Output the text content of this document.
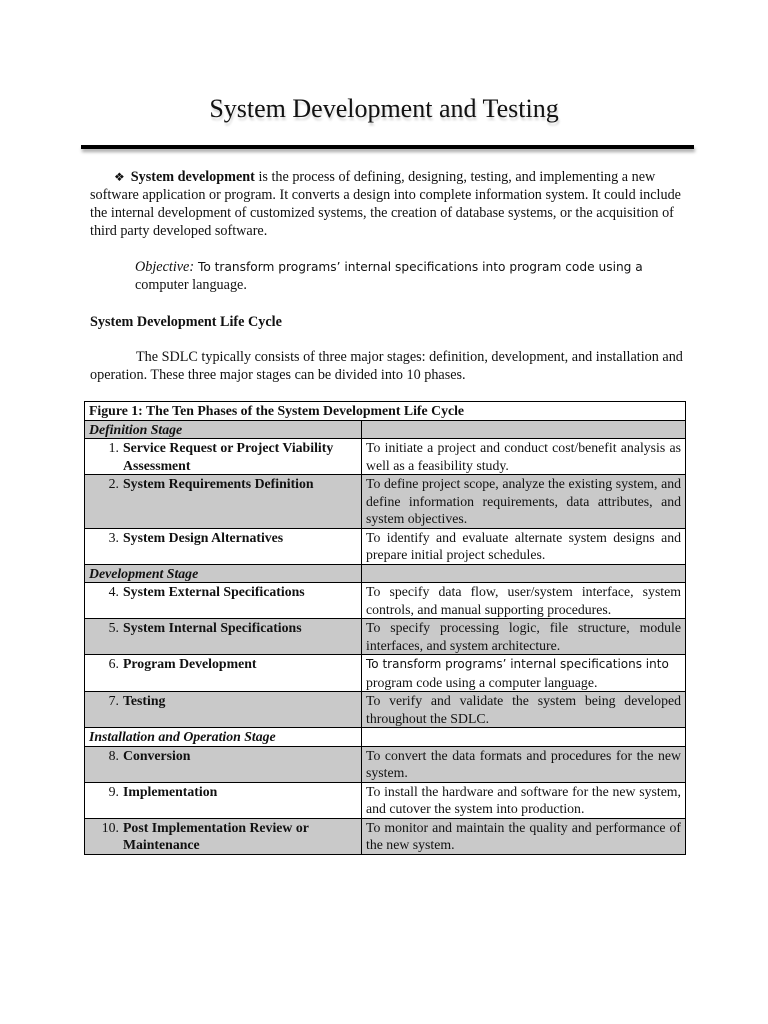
System Development and Testing

❖ System development is the process of defining, designing, testing, and implementing a new software application or program. It converts a design into complete information system. It could include the internal development of customized systems, the creation of database systems, or the acquisition of third party developed software.

Objective: To transform programs’ internal specifications into program code using a
computer language.

System Development Life Cycle

The SDLC typically consists of three major stages: definition, development, and installation and operation. These three major stages can be divided into 10 phases.

Figure 1: The Ten Phases of the System Development Life Cycle	
Definition Stage	
1. Service Request or Project Viability Assessment	To initiate a project and conduct cost/benefit analysis as well as a feasibility study.
2. System Requirements Definition	To define project scope, analyze the existing system, and define information requirements, data attributes, and system objectives.
3. System Design Alternatives	To identify and evaluate alternate system designs and prepare initial project schedules.
Development Stage	
4. System External Specifications	To specify data flow, user/system interface, system controls, and manual supporting procedures.
5. System Internal Specifications	To specify processing logic, file structure, module interfaces, and system architecture.
6. Program Development	To transform programs’ internal specifications into
program code using a computer language.
7. Testing	To verify and validate the system being developed throughout the SDLC.
Installation and Operation Stage	
8. Conversion	To convert the data formats and procedures for the new system.
9. Implementation	To install the hardware and software for the new system, and cutover the system into production.
10. Post Implementation Review or Maintenance	To monitor and maintain the quality and performance of the new system.
